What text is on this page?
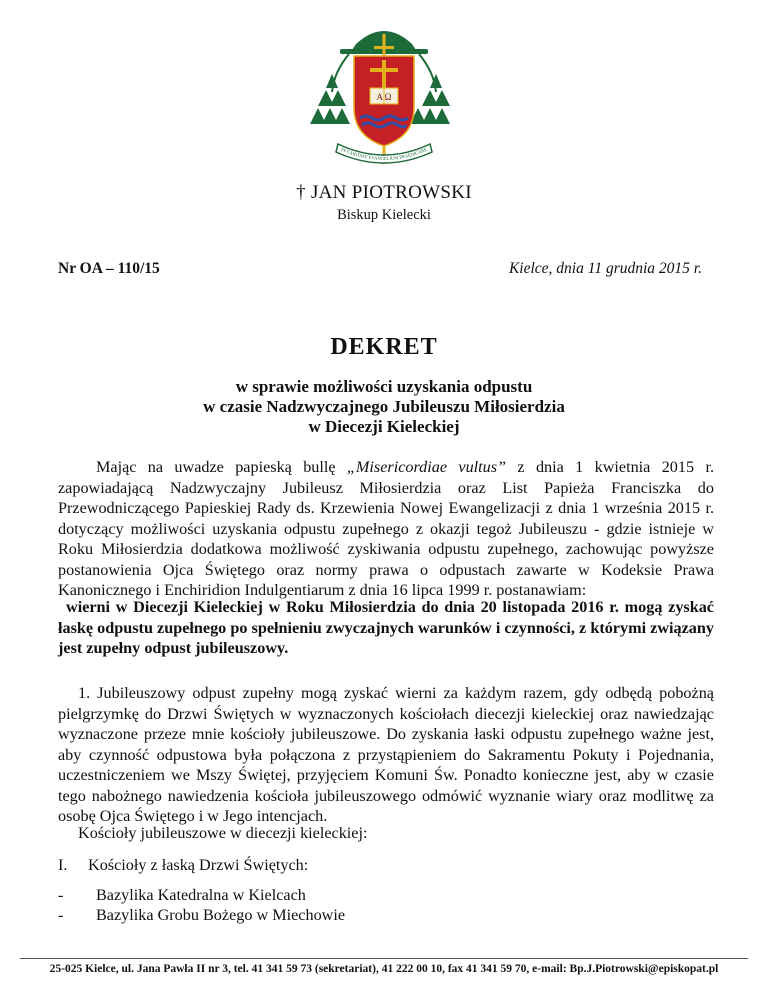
A Ω
IN CARITATE EVANGELIUM PRAEDICARE
† JAN PIOTROWSKI
Biskup Kielecki
Nr OA – 110/15	Kielce, dnia 11 grudnia 2015 r.
DEKRET
w sprawie możliwości uzyskania odpustu
w czasie Nadzwyczajnego Jubileuszu Miłosierdzia
w Diecezji Kieleckiej
Mając na uwadze papieską bullę „Misericordiae vultus” z dnia 1 kwietnia 2015 r. zapowiadającą Nadzwyczajny Jubileusz Miłosierdzia oraz List Papieża Franciszka do Przewodniczącego Papieskiej Rady ds. Krzewienia Nowej Ewangelizacji z dnia 1 września 2015 r. dotyczący możliwości uzyskania odpustu zupełnego z okazji tegoż Jubileuszu - gdzie istnieje w Roku Miłosierdzia dodatkowa możliwość zyskiwania odpustu zupełnego, zachowując powyższe postanowienia Ojca Świętego oraz normy prawa o odpustach zawarte w Kodeksie Prawa Kanonicznego i Enchiridion Indulgentiarum z dnia 16 lipca 1999 r. postanawiam:
wierni w Diecezji Kieleckiej w Roku Miłosierdzia do dnia 20 listopada 2016 r. mogą zyskać łaskę odpustu zupełnego po spełnieniu zwyczajnych warunków i czynności, z którymi związany jest zupełny odpust jubileuszowy.
1. Jubileuszowy odpust zupełny mogą zyskać wierni za każdym razem, gdy odbędą pobożną pielgrzymkę do Drzwi Świętych w wyznaczonych kościołach diecezji kieleckiej oraz nawiedzając wyznaczone przeze mnie kościoły jubileuszowe. Do zyskania łaski odpustu zupełnego ważne jest, aby czynność odpustowa była połączona z przystąpieniem do Sakramentu Pokuty i Pojednania, uczestniczeniem we Mszy Świętej, przyjęciem Komuni Św. Ponadto konieczne jest, aby w czasie tego nabożnego nawiedzenia kościoła jubileuszowego odmówić wyznanie wiary oraz modlitwę za osobę Ojca Świętego i w Jego intencjach.
Kościoły jubileuszowe w diecezji kieleckiej:
I. Kościoły z łaską Drzwi Świętych:
- Bazylika Katedralna w Kielcach
- Bazylika Grobu Bożego w Miechowie
25-025 Kielce, ul. Jana Pawła II nr 3, tel. 41 341 59 73 (sekretariat), 41 222 00 10, fax 41 341 59 70, e-mail: Bp.J.Piotrowski@episkopat.pl
